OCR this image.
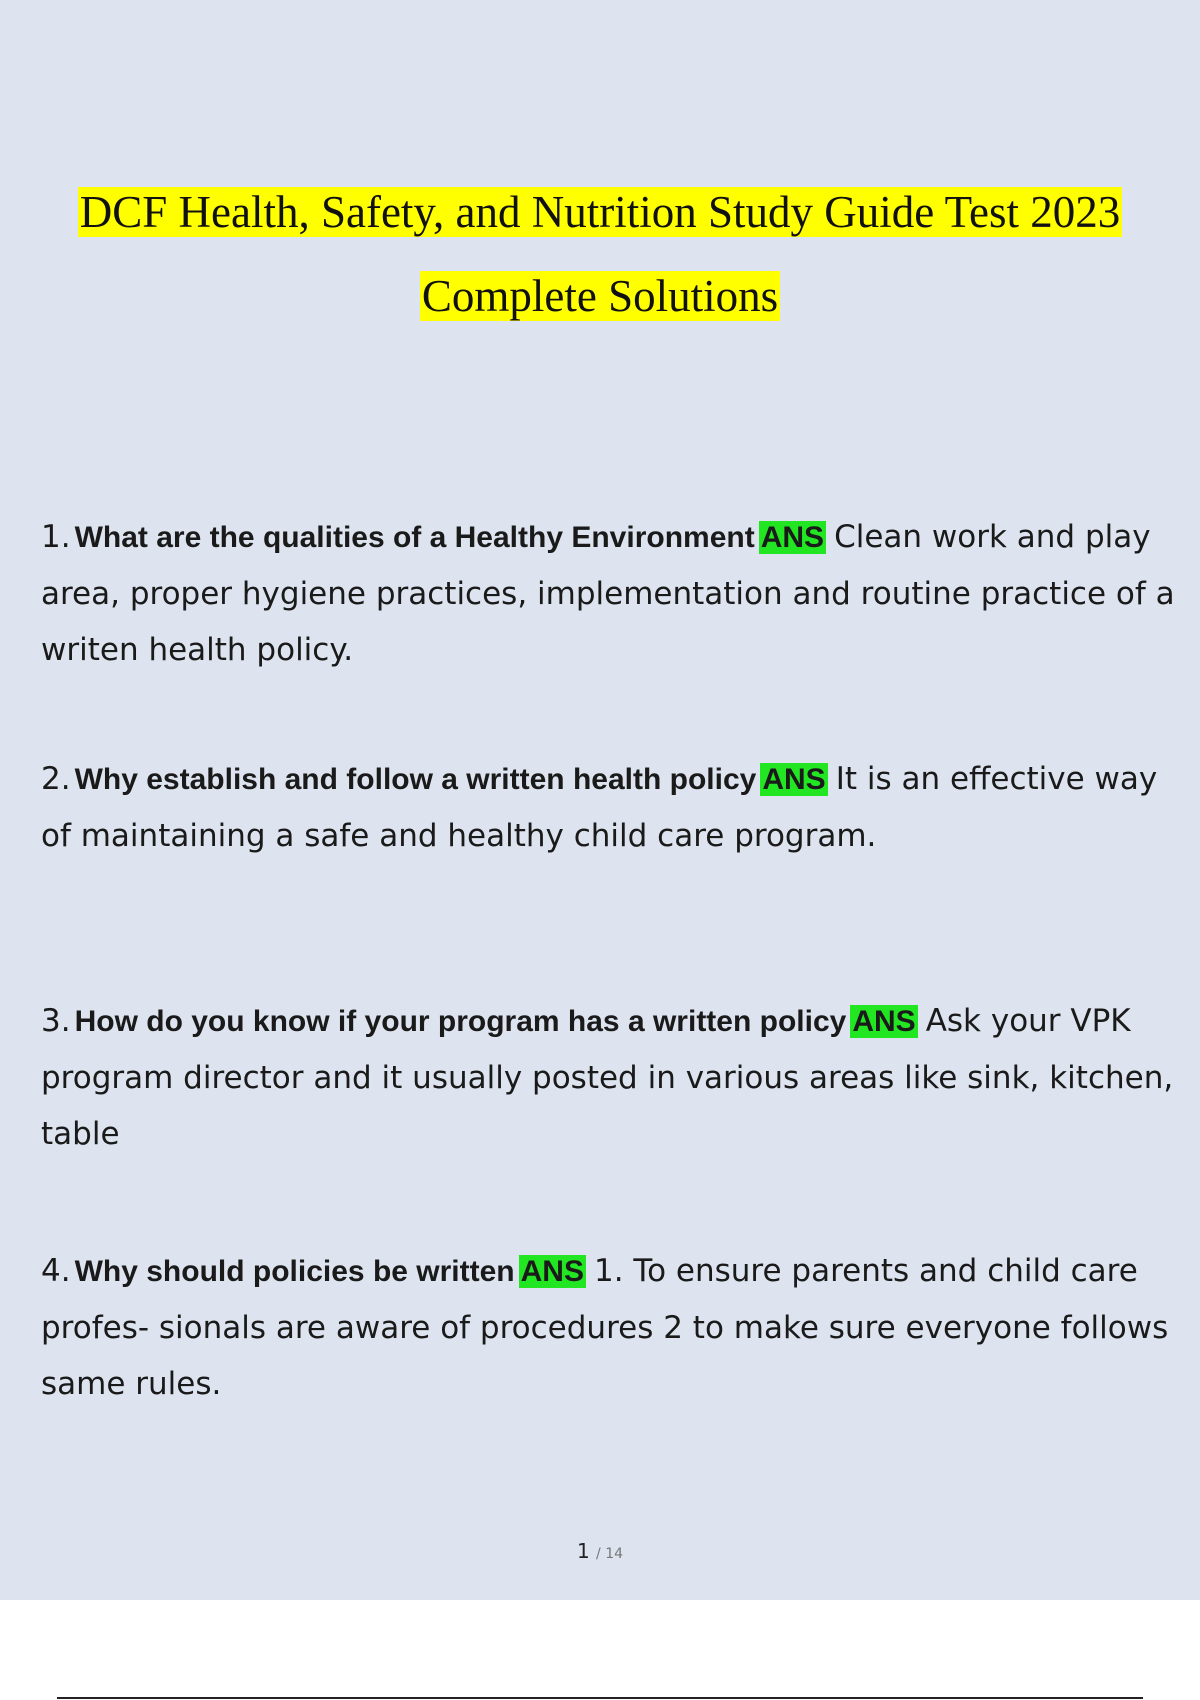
DCF Health, Safety, and Nutrition Study Guide Test 2023
Complete Solutions
1. What are the qualities of a Healthy Environment ANS Clean work and play area, proper hygiene practices, implementation and routine practice of a writen health policy.
2. Why establish and follow a written health policy ANS It is an effective way of maintaining a safe and healthy child care program.
3. How do you know if your program has a written policy ANS Ask your VPK program director and it usually posted in various areas like sink, kitchen, table
4. Why should policies be written ANS 1. To ensure parents and child care profes- sionals are aware of procedures 2 to make sure everyone follows same rules.
1 / 14
